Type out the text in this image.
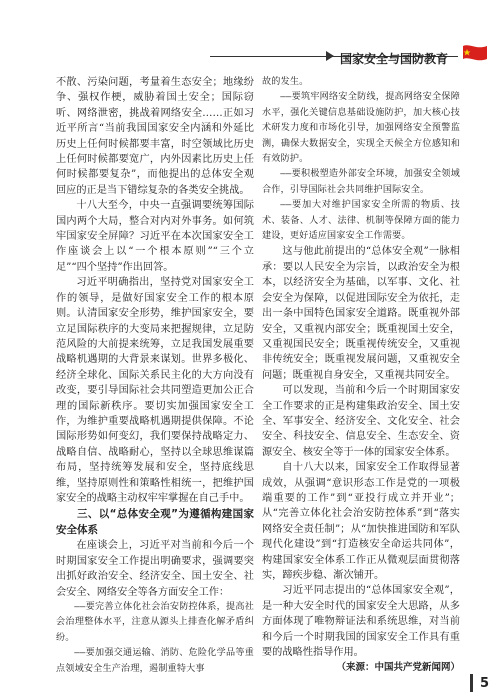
国家安全与国防教育

不散、污染问题，考量着生态安全；地缘纷争、强权作梗，威胁着国土安全；国际窃听、网络泄密，挑战着网络安全……正如习近平所言“当前我国国家安全内涵和外延比历史上任何时候都要丰富，时空领域比历史上任何时候都要宽广，内外因素比历史上任何时候都要复杂”，而他提出的总体安全观回应的正是当下错综复杂的各类安全挑战。

十八大至今，中央一直强调要统筹国际国内两个大局，整合对内对外事务。如何筑牢国家安全屏障？习近平在本次国家安全工作座谈会上以“一个根本原则”“三个立足”“四个坚持”作出回答。

习近平明确指出，坚持党对国家安全工作的领导，是做好国家安全工作的根本原则。认清国家安全形势，维护国家安全，要立足国际秩序的大变局来把握规律，立足防范风险的大前提来统筹，立足我国发展重要战略机遇期的大背景来谋划。世界多极化、经济全球化、国际关系民主化的大方向没有改变，要引导国际社会共同塑造更加公正合理的国际新秩序。要切实加强国家安全工作，为维护重要战略机遇期提供保障。不论国际形势如何变幻，我们要保持战略定力、战略自信、战略耐心，坚持以全球思维谋篇布局，坚持统筹发展和安全，坚持底线思维，坚持原则性和策略性相统一，把维护国家安全的战略主动权牢牢掌握在自己手中。

三、以“总体安全观”为遵循构建国家安全体系

在座谈会上，习近平对当前和今后一个时期国家安全工作提出明确要求，强调要突出抓好政治安全、经济安全、国土安全、社会安全、网络安全等各方面安全工作：

——要完善立体化社会治安防控体系，提高社会治理整体水平，注意从源头上排查化解矛盾纠纷。

——要加强交通运输、消防、危险化学品等重点领域安全生产治理，遏制重特大事

故的发生。

——要筑牢网络安全防线，提高网络安全保障水平，强化关键信息基础设施防护，加大核心技术研发力度和市场化引导，加强网络安全预警监测，确保大数据安全，实现全天候全方位感知和有效防护。

——要积极塑造外部安全环境，加强安全领域合作，引导国际社会共同维护国际安全。

——要加大对维护国家安全所需的物质、技术、装备、人才、法律、机制等保障方面的能力建设，更好适应国家安全工作需要。

这与他此前提出的“总体安全观”一脉相承：要以人民安全为宗旨，以政治安全为根本，以经济安全为基础，以军事、文化、社会安全为保障，以促进国际安全为依托，走出一条中国特色国家安全道路。既重视外部安全，又重视内部安全；既重视国土安全，又重视国民安全；既重视传统安全，又重视非传统安全；既重视发展问题，又重视安全问题；既重视自身安全，又重视共同安全。

可以发现，当前和今后一个时期国家安全工作要求的正是构建集政治安全、国土安全、军事安全、经济安全、文化安全、社会安全、科技安全、信息安全、生态安全、资源安全、核安全等于一体的国家安全体系。

自十八大以来，国家安全工作取得显著成效，从强调“意识形态工作是党的一项极端重要的工作”到“亚投行成立并开业”；从“完善立体化社会治安防控体系”到“落实网络安全责任制”；从“加快推进国防和军队现代化建设”到“打造核安全命运共同体”，构建国家安全体系工作正从微观层面贯彻落实，蹄疾步稳、渐次铺开。

习近平同志提出的“总体国家安全观”，是一种大安全时代的国家安全大思路，从多方面体现了唯物辩证法和系统思维，对当前和今后一个时期我国的国家安全工作具有重要的战略性指导作用。

（来源：中国共产党新闻网）

5
